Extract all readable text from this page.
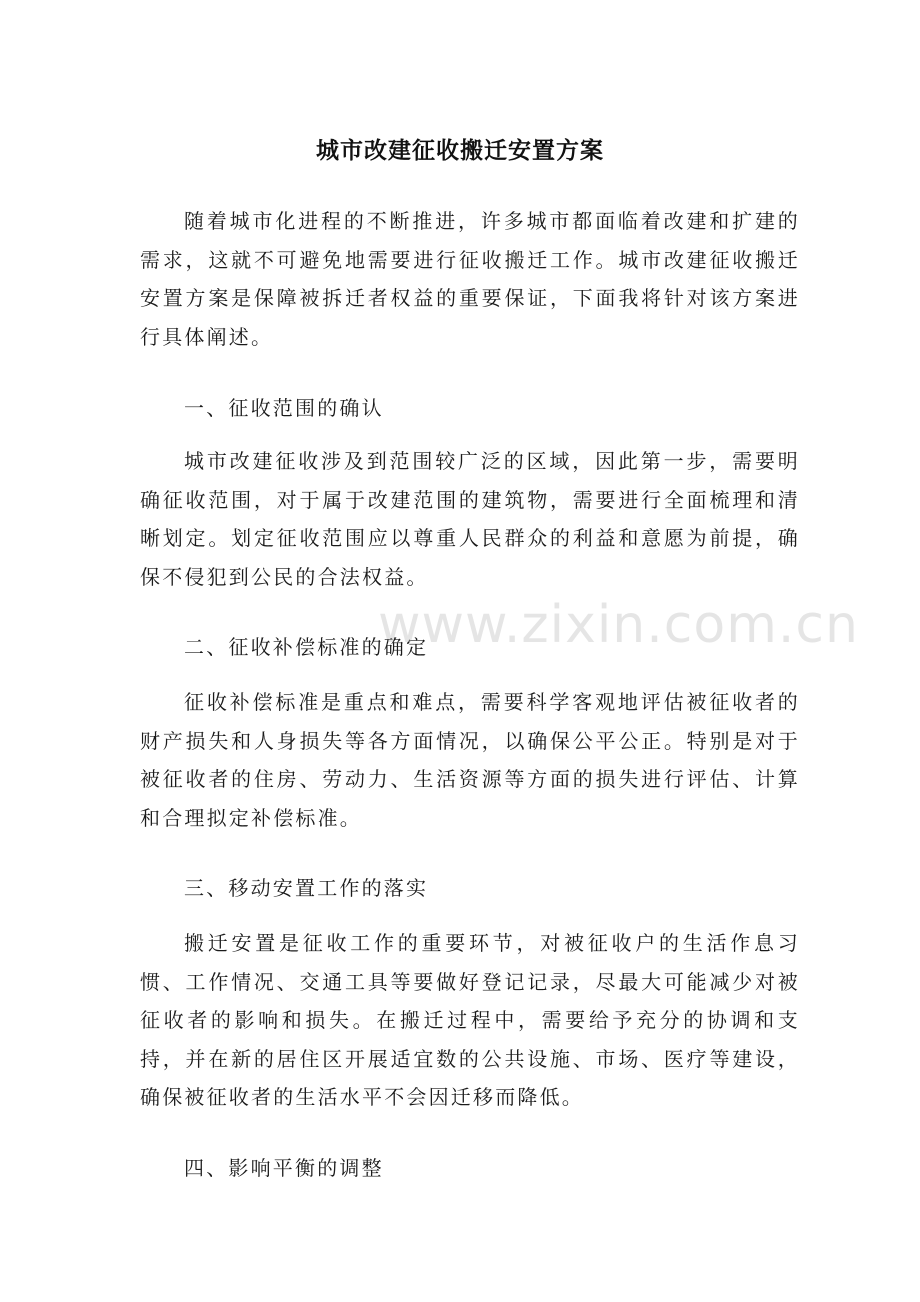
城市改建征收搬迁安置方案

随着城市化进程的不断推进，许多城市都面临着改建和扩建的需求，这就不可避免地需要进行征收搬迁工作。城市改建征收搬迁安置方案是保障被拆迁者权益的重要保证，下面我将针对该方案进行具体阐述。

一、征收范围的确认

城市改建征收涉及到范围较广泛的区域，因此第一步，需要明确征收范围，对于属于改建范围的建筑物，需要进行全面梳理和清晰划定。划定征收范围应以尊重人民群众的利益和意愿为前提，确保不侵犯到公民的合法权益。

二、征收补偿标准的确定

征收补偿标准是重点和难点，需要科学客观地评估被征收者的财产损失和人身损失等各方面情况，以确保公平公正。特别是对于被征收者的住房、劳动力、生活资源等方面的损失进行评估、计算和合理拟定补偿标准。

三、移动安置工作的落实

搬迁安置是征收工作的重要环节，对被征收户的生活作息习惯、工作情况、交通工具等要做好登记记录，尽最大可能减少对被征收者的影响和损失。在搬迁过程中，需要给予充分的协调和支持，并在新的居住区开展适宜数的公共设施、市场、医疗等建设，确保被征收者的生活水平不会因迁移而降低。

四、影响平衡的调整

www.zixin.com.cn
